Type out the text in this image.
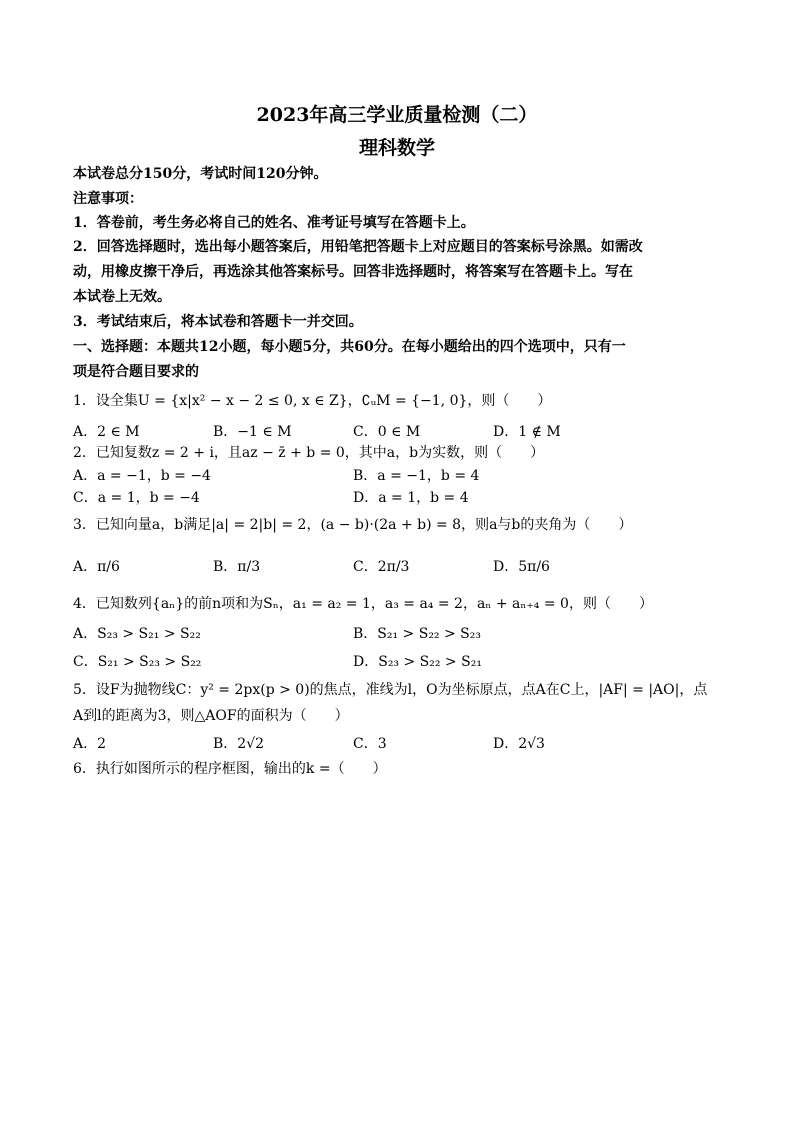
2023年高三学业质量检测（二）
理科数学
本试卷总分150分，考试时间120分钟。
注意事项：
1．答卷前，考生务必将自己的姓名、准考证号填写在答题卡上。
2．回答选择题时，选出每小题答案后，用铅笔把答题卡上对应题目的答案标号涂黑。如需改
动，用橡皮擦干净后，再选涂其他答案标号。回答非选择题时，将答案写在答题卡上。写在
本试卷上无效。
3．考试结束后，将本试卷和答题卡一并交回。
一、选择题：本题共12小题，每小题5分，共60分。在每小题给出的四个选项中，只有一
项是符合题目要求的
1．设全集U = {x|x² − x − 2 ≤ 0, x ∈ Z}，∁ᵤM = {−1, 0}，则（　　）
A．2 ∈ M	B．−1 ∈ M	C．0 ∈ M	D．1 ∉ M
2．已知复数z = 2 + i，且az − z̄ + b = 0，其中a，b为实数，则（　　）
A．a = −1，b = −4	B．a = −1，b = 4
C．a = 1，b = −4	D．a = 1，b = 4
3．已知向量a，b满足|a| = 2|b| = 2，(a − b)·(2a + b) = 8，则a与b的夹角为（　　）
A．π/6	B．π/3	C．2π/3	D．5π/6
4．已知数列{aₙ}的前n项和为Sₙ，a₁ = a₂ = 1，a₃ = a₄ = 2，aₙ + aₙ₊₄ = 0，则（　　）
A．S₂₃ > S₂₁ > S₂₂	B．S₂₁ > S₂₂ > S₂₃
C．S₂₁ > S₂₃ > S₂₂	D．S₂₃ > S₂₂ > S₂₁
5．设F为抛物线C：y² = 2px(p > 0)的焦点，准线为l，O为坐标原点，点A在C上，|AF| = |AO|，点
A到l的距离为3，则△AOF的面积为（　　）
A．2	B．2√2	C．3	D．2√3
6．执行如图所示的程序框图，输出的k =（　　）
